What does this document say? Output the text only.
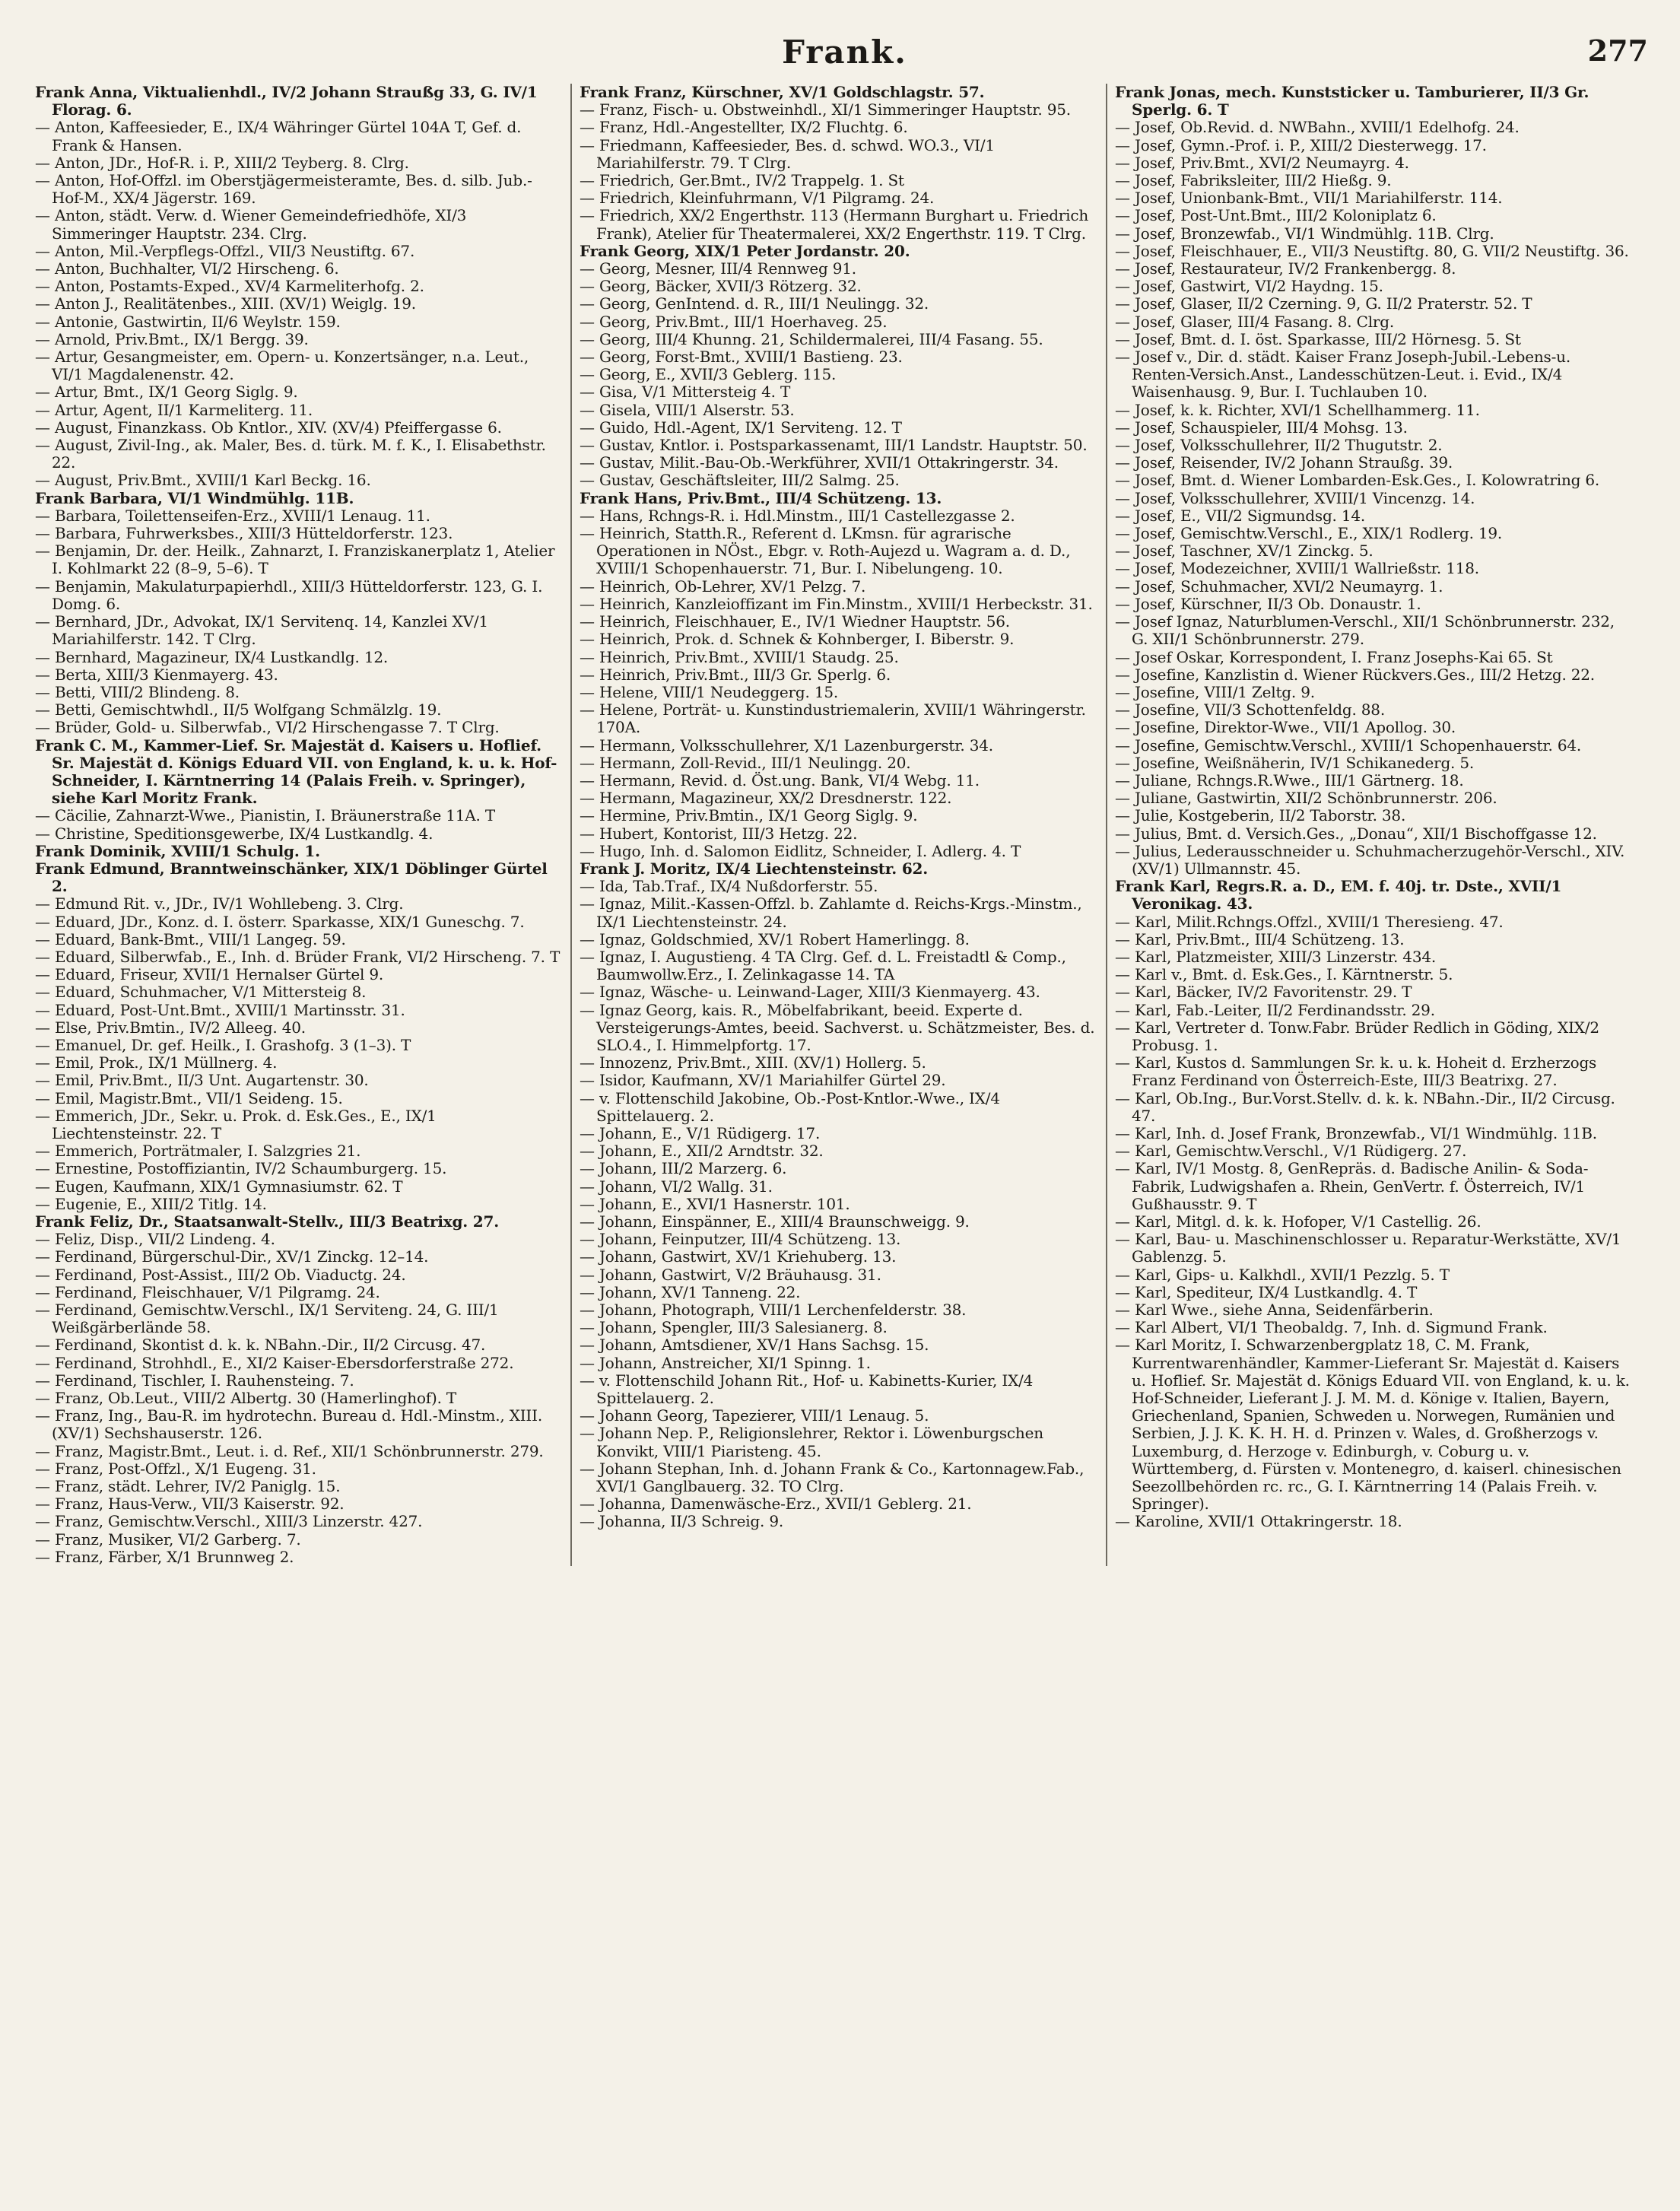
Frank.	277
Frank Anna, Viktualienhdl., IV/2 Johann Straußg 33, G. IV/1 Florag. 6.
— Anton, Kaffeesieder, E., IX/4 Währinger Gürtel 104A T, Gef. d. Frank & Hansen.
— Anton, JDr., Hof-R. i. P., XIII/2 Teyberg. 8. Clrg.
— Anton, Hof-Offzl. im Oberstjägermeisteramte, Bes. d. silb. Jub.-Hof-M., XX/4 Jägerstr. 169.
— Anton, städt. Verw. d. Wiener Gemeindefriedhöfe, XI/3 Simmeringer Hauptstr. 234. Clrg.
— Anton, Mil.-Verpflegs-Offzl., VII/3 Neustiftg. 67.
— Anton, Buchhalter, VI/2 Hirscheng. 6.
— Anton, Postamts-Exped., XV/4 Karmeliterhofg. 2.
— Anton J., Realitätenbes., XIII. (XV/1) Weiglg. 19.
— Antonie, Gastwirtin, II/6 Weylstr. 159.
— Arnold, Priv.Bmt., IX/1 Bergg. 39.
— Artur, Gesangmeister, em. Opern- u. Konzertsänger, n.a. Leut., VI/1 Magdalenenstr. 42.
— Artur, Bmt., IX/1 Georg Siglg. 9.
— Artur, Agent, II/1 Karmeliterg. 11.
— August, Finanzkass. Ob Kntlor., XIV. (XV/4) Pfeiffergasse 6.
— August, Zivil-Ing., ak. Maler, Bes. d. türk. M. f. K., I. Elisabethstr. 22.
— August, Priv.Bmt., XVIII/1 Karl Beckg. 16.
Frank Barbara, VI/1 Windmühlg. 11B.
— Barbara, Toilettenseifen-Erz., XVIII/1 Lenaug. 11.
— Barbara, Fuhrwerksbes., XIII/3 Hütteldorferstr. 123.
— Benjamin, Dr. der. Heilk., Zahnarzt, I. Franziskanerplatz 1, Atelier I. Kohlmarkt 22 (8–9, 5–6). T
— Benjamin, Makulaturpapierhdl., XIII/3 Hütteldorferstr. 123, G. I. Domg. 6.
— Bernhard, JDr., Advokat, IX/1 Servitenq. 14, Kanzlei XV/1 Mariahilferstr. 142. T Clrg.
— Bernhard, Magazineur, IX/4 Lustkandlg. 12.
— Berta, XIII/3 Kienmayerg. 43.
— Betti, VIII/2 Blindeng. 8.
— Betti, Gemischtwhdl., II/5 Wolfgang Schmälzlg. 19.
— Brüder, Gold- u. Silberwfab., VI/2 Hirschengasse 7. T Clrg.
Frank C. M., Kammer-Lief. Sr. Majestät d. Kaisers u. Hoflief. Sr. Majestät d. Königs Eduard VII. von England, k. u. k. Hof-Schneider, I. Kärntnerring 14 (Palais Freih. v. Springer), siehe Karl Moritz Frank.
— Cäcilie, Zahnarzt-Wwe., Pianistin, I. Bräunerstraße 11A. T
— Christine, Speditionsgewerbe, IX/4 Lustkandlg. 4.
Frank Dominik, XVIII/1 Schulg. 1.
Frank Edmund, Branntweinschänker, XIX/1 Döblinger Gürtel 2.
— Edmund Rit. v., JDr., IV/1 Wohllebeng. 3. Clrg.
— Eduard, JDr., Konz. d. I. österr. Sparkasse, XIX/1 Guneschg. 7.
— Eduard, Bank-Bmt., VIII/1 Langeg. 59.
— Eduard, Silberwfab., E., Inh. d. Brüder Frank, VI/2 Hirscheng. 7. T
— Eduard, Friseur, XVII/1 Hernalser Gürtel 9.
— Eduard, Schuhmacher, V/1 Mittersteig 8.
— Eduard, Post-Unt.Bmt., XVIII/1 Martinsstr. 31.
— Else, Priv.Bmtin., IV/2 Alleeg. 40.
— Emanuel, Dr. gef. Heilk., I. Grashofg. 3 (1–3). T
— Emil, Prok., IX/1 Müllnerg. 4.
— Emil, Priv.Bmt., II/3 Unt. Augartenstr. 30.
— Emil, Magistr.Bmt., VII/1 Seideng. 15.
— Emmerich, JDr., Sekr. u. Prok. d. Esk.Ges., E., IX/1 Liechtensteinstr. 22. T
— Emmerich, Porträtmaler, I. Salzgries 21.
— Ernestine, Postoffiziantin, IV/2 Schaumburgerg. 15.
— Eugen, Kaufmann, XIX/1 Gymnasiumstr. 62. T
— Eugenie, E., XIII/2 Titlg. 14.
Frank Feliz, Dr., Staatsanwalt-Stellv., III/3 Beatrixg. 27.
— Feliz, Disp., VII/2 Lindeng. 4.
— Ferdinand, Bürgerschul-Dir., XV/1 Zinckg. 12–14.
— Ferdinand, Post-Assist., III/2 Ob. Viaductg. 24.
— Ferdinand, Fleischhauer, V/1 Pilgramg. 24.
— Ferdinand, Gemischtw.Verschl., IX/1 Serviteng. 24, G. III/1 Weißgärberlände 58.
— Ferdinand, Skontist d. k. k. NBahn.-Dir., II/2 Circusg. 47.
— Ferdinand, Strohhdl., E., XI/2 Kaiser-Ebersdorferstraße 272.
— Ferdinand, Tischler, I. Rauhensteing. 7.
— Franz, Ob.Leut., VIII/2 Albertg. 30 (Hamerlinghof). T
— Franz, Ing., Bau-R. im hydrotechn. Bureau d. Hdl.-Minstm., XIII. (XV/1) Sechshauserstr. 126.
— Franz, Magistr.Bmt., Leut. i. d. Ref., XII/1 Schönbrunnerstr. 279.
— Franz, Post-Offzl., X/1 Eugeng. 31.
— Franz, städt. Lehrer, IV/2 Paniglg. 15.
— Franz, Haus-Verw., VII/3 Kaiserstr. 92.
— Franz, Gemischtw.Verschl., XIII/3 Linzerstr. 427.
— Franz, Musiker, VI/2 Garberg. 7.
— Franz, Färber, X/1 Brunnweg 2.
Frank Franz, Kürschner, XV/1 Goldschlagstr. 57.
— Franz, Fisch- u. Obstweinhdl., XI/1 Simmeringer Hauptstr. 95.
— Franz, Hdl.-Angestellter, IX/2 Fluchtg. 6.
— Friedmann, Kaffeesieder, Bes. d. schwd. WO.3., VI/1 Mariahilferstr. 79. T Clrg.
— Friedrich, Ger.Bmt., IV/2 Trappelg. 1. St
— Friedrich, Kleinfuhrmann, V/1 Pilgramg. 24.
— Friedrich, XX/2 Engerthstr. 113 (Hermann Burghart u. Friedrich Frank), Atelier für Theatermalerei, XX/2 Engerthstr. 119. T Clrg.
Frank Georg, XIX/1 Peter Jordanstr. 20.
— Georg, Mesner, III/4 Rennweg 91.
— Georg, Bäcker, XVII/3 Rötzerg. 32.
— Georg, GenIntend. d. R., III/1 Neulingg. 32.
— Georg, Priv.Bmt., III/1 Hoerhaveg. 25.
— Georg, III/4 Khunng. 21, Schildermalerei, III/4 Fasang. 55.
— Georg, Forst-Bmt., XVIII/1 Bastieng. 23.
— Georg, E., XVII/3 Geblerg. 115.
— Gisa, V/1 Mittersteig 4. T
— Gisela, VIII/1 Alserstr. 53.
— Guido, Hdl.-Agent, IX/1 Serviteng. 12. T
— Gustav, Kntlor. i. Postsparkassenamt, III/1 Landstr. Hauptstr. 50.
— Gustav, Milit.-Bau-Ob.-Werkführer, XVII/1 Ottakringerstr. 34.
— Gustav, Geschäftsleiter, III/2 Salmg. 25.
Frank Hans, Priv.Bmt., III/4 Schützeng. 13.
— Hans, Rchngs-R. i. Hdl.Minstm., III/1 Castellezgasse 2.
— Heinrich, Statth.R., Referent d. LKmsn. für agrarische Operationen in NÖst., Ebgr. v. Roth-Aujezd u. Wagram a. d. D., XVIII/1 Schopenhauerstr. 71, Bur. I. Nibelungeng. 10.
— Heinrich, Ob-Lehrer, XV/1 Pelzg. 7.
— Heinrich, Kanzleioffizant im Fin.Minstm., XVIII/1 Herbeckstr. 31.
— Heinrich, Fleischhauer, E., IV/1 Wiedner Hauptstr. 56.
— Heinrich, Prok. d. Schnek & Kohnberger, I. Biberstr. 9.
— Heinrich, Priv.Bmt., XVIII/1 Staudg. 25.
— Heinrich, Priv.Bmt., III/3 Gr. Sperlg. 6.
— Helene, VIII/1 Neudeggerg. 15.
— Helene, Porträt- u. Kunstindustriemalerin, XVIII/1 Währingerstr. 170A.
— Hermann, Volksschullehrer, X/1 Lazenburgerstr. 34.
— Hermann, Zoll-Revid., III/1 Neulingg. 20.
— Hermann, Revid. d. Öst.ung. Bank, VI/4 Webg. 11.
— Hermann, Magazineur, XX/2 Dresdnerstr. 122.
— Hermine, Priv.Bmtin., IX/1 Georg Siglg. 9.
— Hubert, Kontorist, III/3 Hetzg. 22.
— Hugo, Inh. d. Salomon Eidlitz, Schneider, I. Adlerg. 4. T
Frank J. Moritz, IX/4 Liechtensteinstr. 62.
— Ida, Tab.Traf., IX/4 Nußdorferstr. 55.
— Ignaz, Milit.-Kassen-Offzl. b. Zahlamte d. Reichs-Krgs.-Minstm., IX/1 Liechtensteinstr. 24.
— Ignaz, Goldschmied, XV/1 Robert Hamerlingg. 8.
— Ignaz, I. Augustieng. 4 TA Clrg. Gef. d. L. Freistadtl & Comp., Baumwollw.Erz., I. Zelinkagasse 14. TA
— Ignaz, Wäsche- u. Leinwand-Lager, XIII/3 Kienmayerg. 43.
— Ignaz Georg, kais. R., Möbelfabrikant, beeid. Experte d. Versteigerungs-Amtes, beeid. Sachverst. u. Schätzmeister, Bes. d. SLO.4., I. Himmelpfortg. 17.
— Innozenz, Priv.Bmt., XIII. (XV/1) Hollerg. 5.
— Isidor, Kaufmann, XV/1 Mariahilfer Gürtel 29.
— v. Flottenschild Jakobine, Ob.-Post-Kntlor.-Wwe., IX/4 Spittelauerg. 2.
— Johann, E., V/1 Rüdigerg. 17.
— Johann, E., XII/2 Arndtstr. 32.
— Johann, III/2 Marzerg. 6.
— Johann, VI/2 Wallg. 31.
— Johann, E., XVI/1 Hasnerstr. 101.
— Johann, Einspänner, E., XIII/4 Braunschweigg. 9.
— Johann, Feinputzer, III/4 Schützeng. 13.
— Johann, Gastwirt, XV/1 Kriehuberg. 13.
— Johann, Gastwirt, V/2 Bräuhausg. 31.
— Johann, XV/1 Tanneng. 22.
— Johann, Photograph, VIII/1 Lerchenfelderstr. 38.
— Johann, Spengler, III/3 Salesianerg. 8.
— Johann, Amtsdiener, XV/1 Hans Sachsg. 15.
— Johann, Anstreicher, XI/1 Spinng. 1.
— v. Flottenschild Johann Rit., Hof- u. Kabinetts-Kurier, IX/4 Spittelauerg. 2.
— Johann Georg, Tapezierer, VIII/1 Lenaug. 5.
— Johann Nep. P., Religionslehrer, Rektor i. Löwenburgschen Konvikt, VIII/1 Piaristeng. 45.
— Johann Stephan, Inh. d. Johann Frank & Co., Kartonnagew.Fab., XVI/1 Ganglbauerg. 32. TO Clrg.
— Johanna, Damenwäsche-Erz., XVII/1 Geblerg. 21.
— Johanna, II/3 Schreig. 9.
Frank Jonas, mech. Kunststicker u. Tamburierer, II/3 Gr. Sperlg. 6. T
— Josef, Ob.Revid. d. NWBahn., XVIII/1 Edelhofg. 24.
— Josef, Gymn.-Prof. i. P., XIII/2 Diesterwegg. 17.
— Josef, Priv.Bmt., XVI/2 Neumayrg. 4.
— Josef, Fabriksleiter, III/2 Hießg. 9.
— Josef, Unionbank-Bmt., VII/1 Mariahilferstr. 114.
— Josef, Post-Unt.Bmt., III/2 Koloniplatz 6.
— Josef, Bronzewfab., VI/1 Windmühlg. 11B. Clrg.
— Josef, Fleischhauer, E., VII/3 Neustiftg. 80, G. VII/2 Neustiftg. 36.
— Josef, Restaurateur, IV/2 Frankenbergg. 8.
— Josef, Gastwirt, VI/2 Haydng. 15.
— Josef, Glaser, II/2 Czerning. 9, G. II/2 Praterstr. 52. T
— Josef, Glaser, III/4 Fasang. 8. Clrg.
— Josef, Bmt. d. I. öst. Sparkasse, III/2 Hörnesg. 5. St
— Josef v., Dir. d. städt. Kaiser Franz Joseph-Jubil.-Lebens-u. Renten-Versich.Anst., Landesschützen-Leut. i. Evid., IX/4 Waisenhausg. 9, Bur. I. Tuchlauben 10.
— Josef, k. k. Richter, XVI/1 Schellhammerg. 11.
— Josef, Schauspieler, III/4 Mohsg. 13.
— Josef, Volksschullehrer, II/2 Thugutstr. 2.
— Josef, Reisender, IV/2 Johann Straußg. 39.
— Josef, Bmt. d. Wiener Lombarden-Esk.Ges., I. Kolowratring 6.
— Josef, Volksschullehrer, XVIII/1 Vincenzg. 14.
— Josef, E., VII/2 Sigmundsg. 14.
— Josef, Gemischtw.Verschl., E., XIX/1 Rodlerg. 19.
— Josef, Taschner, XV/1 Zinckg. 5.
— Josef, Modezeichner, XVIII/1 Wallrießstr. 118.
— Josef, Schuhmacher, XVI/2 Neumayrg. 1.
— Josef, Kürschner, II/3 Ob. Donaustr. 1.
— Josef Ignaz, Naturblumen-Verschl., XII/1 Schönbrunnerstr. 232, G. XII/1 Schönbrunnerstr. 279.
— Josef Oskar, Korrespondent, I. Franz Josephs-Kai 65. St
— Josefine, Kanzlistin d. Wiener Rückvers.Ges., III/2 Hetzg. 22.
— Josefine, VIII/1 Zeltg. 9.
— Josefine, VII/3 Schottenfeldg. 88.
— Josefine, Direktor-Wwe., VII/1 Apollog. 30.
— Josefine, Gemischtw.Verschl., XVIII/1 Schopenhauerstr. 64.
— Josefine, Weißnäherin, IV/1 Schikanederg. 5.
— Juliane, Rchngs.R.Wwe., III/1 Gärtnerg. 18.
— Juliane, Gastwirtin, XII/2 Schönbrunnerstr. 206.
— Julie, Kostgeberin, II/2 Taborstr. 38.
— Julius, Bmt. d. Versich.Ges., „Donau“, XII/1 Bischoffgasse 12.
— Julius, Lederausschneider u. Schuhmacherzugehör-Verschl., XIV. (XV/1) Ullmannstr. 45.
Frank Karl, Regrs.R. a. D., EM. f. 40j. tr. Dste., XVII/1 Veronikag. 43.
— Karl, Milit.Rchngs.Offzl., XVIII/1 Theresieng. 47.
— Karl, Priv.Bmt., III/4 Schützeng. 13.
— Karl, Platzmeister, XIII/3 Linzerstr. 434.
— Karl v., Bmt. d. Esk.Ges., I. Kärntnerstr. 5.
— Karl, Bäcker, IV/2 Favoritenstr. 29. T
— Karl, Fab.-Leiter, II/2 Ferdinandsstr. 29.
— Karl, Vertreter d. Tonw.Fabr. Brüder Redlich in Göding, XIX/2 Probusg. 1.
— Karl, Kustos d. Sammlungen Sr. k. u. k. Hoheit d. Erzherzogs Franz Ferdinand von Österreich-Este, III/3 Beatrixg. 27.
— Karl, Ob.Ing., Bur.Vorst.Stellv. d. k. k. NBahn.-Dir., II/2 Circusg. 47.
— Karl, Inh. d. Josef Frank, Bronzewfab., VI/1 Windmühlg. 11B.
— Karl, Gemischtw.Verschl., V/1 Rüdigerg. 27.
— Karl, IV/1 Mostg. 8, GenRepräs. d. Badische Anilin- & Soda-Fabrik, Ludwigshafen a. Rhein, GenVertr. f. Österreich, IV/1 Gußhausstr. 9. T
— Karl, Mitgl. d. k. k. Hofoper, V/1 Castellig. 26.
— Karl, Bau- u. Maschinenschlosser u. Reparatur-Werkstätte, XV/1 Gablenzg. 5.
— Karl, Gips- u. Kalkhdl., XVII/1 Pezzlg. 5. T
— Karl, Spediteur, IX/4 Lustkandlg. 4. T
— Karl Wwe., siehe Anna, Seidenfärberin.
— Karl Albert, VI/1 Theobaldg. 7, Inh. d. Sigmund Frank.
— Karl Moritz, I. Schwarzenbergplatz 18, C. M. Frank, Kurrentwarenhändler, Kammer-Lieferant Sr. Majestät d. Kaisers u. Hoflief. Sr. Majestät d. Königs Eduard VII. von England, k. u. k. Hof-Schneider, Lieferant J. J. M. M. d. Könige v. Italien, Bayern, Griechenland, Spanien, Schweden u. Norwegen, Rumänien und Serbien, J. J. K. K. H. H. d. Prinzen v. Wales, d. Großherzogs v. Luxemburg, d. Herzoge v. Edinburgh, v. Coburg u. v. Württemberg, d. Fürsten v. Montenegro, d. kaiserl. chinesischen Seezollbehörden rc. rc., G. I. Kärntnerring 14 (Palais Freih. v. Springer).
— Karoline, XVII/1 Ottakringerstr. 18.
